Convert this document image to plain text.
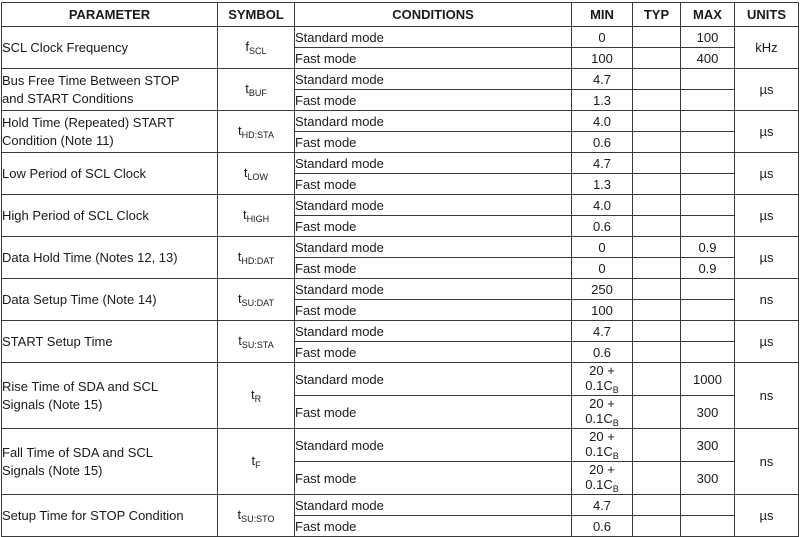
PARAMETER	SYMBOL	CONDITIONS	MIN	TYP	MAX	UNITS
SCL Clock Frequency	$f_{SCL}$	Standard mode	0		100	kHz
		Fast mode	100		400	
Bus Free Time Between STOP
and START Conditions	$t_{BUF}$	Standard mode	4.7			µs
		Fast mode	1.3			
Hold Time (Repeated) START
Condition (Note 11)	$t_{HD:STA}$	Standard mode	4.0			µs
		Fast mode	0.6			
Low Period of SCL Clock	$t_{LOW}$	Standard mode	4.7			µs
		Fast mode	1.3			
High Period of SCL Clock	$t_{HIGH}$	Standard mode	4.0			µs
		Fast mode	0.6			
Data Hold Time (Notes 12, 13)	$t_{HD:DAT}$	Standard mode	0		0.9	µs
		Fast mode	0		0.9	
Data Setup Time (Note 14)	$t_{SU:DAT}$	Standard mode	250			ns
		Fast mode	100			
START Setup Time	$t_{SU:STA}$	Standard mode	4.7			µs
		Fast mode	0.6			
Rise Time of SDA and SCL
Signals (Note 15)	$t_R$	Standard mode	$20 + 0.1C_B$		1000	ns
		Fast mode	$20 + 0.1C_B$		300	
Fall Time of SDA and SCL
Signals (Note 15)	$t_F$	Standard mode	$20 + 0.1C_B$		300	ns
		Fast mode	$20 + 0.1C_B$		300	
Setup Time for STOP Condition	$t_{SU:STO}$	Standard mode	4.7			µs
		Fast mode	0.6			
